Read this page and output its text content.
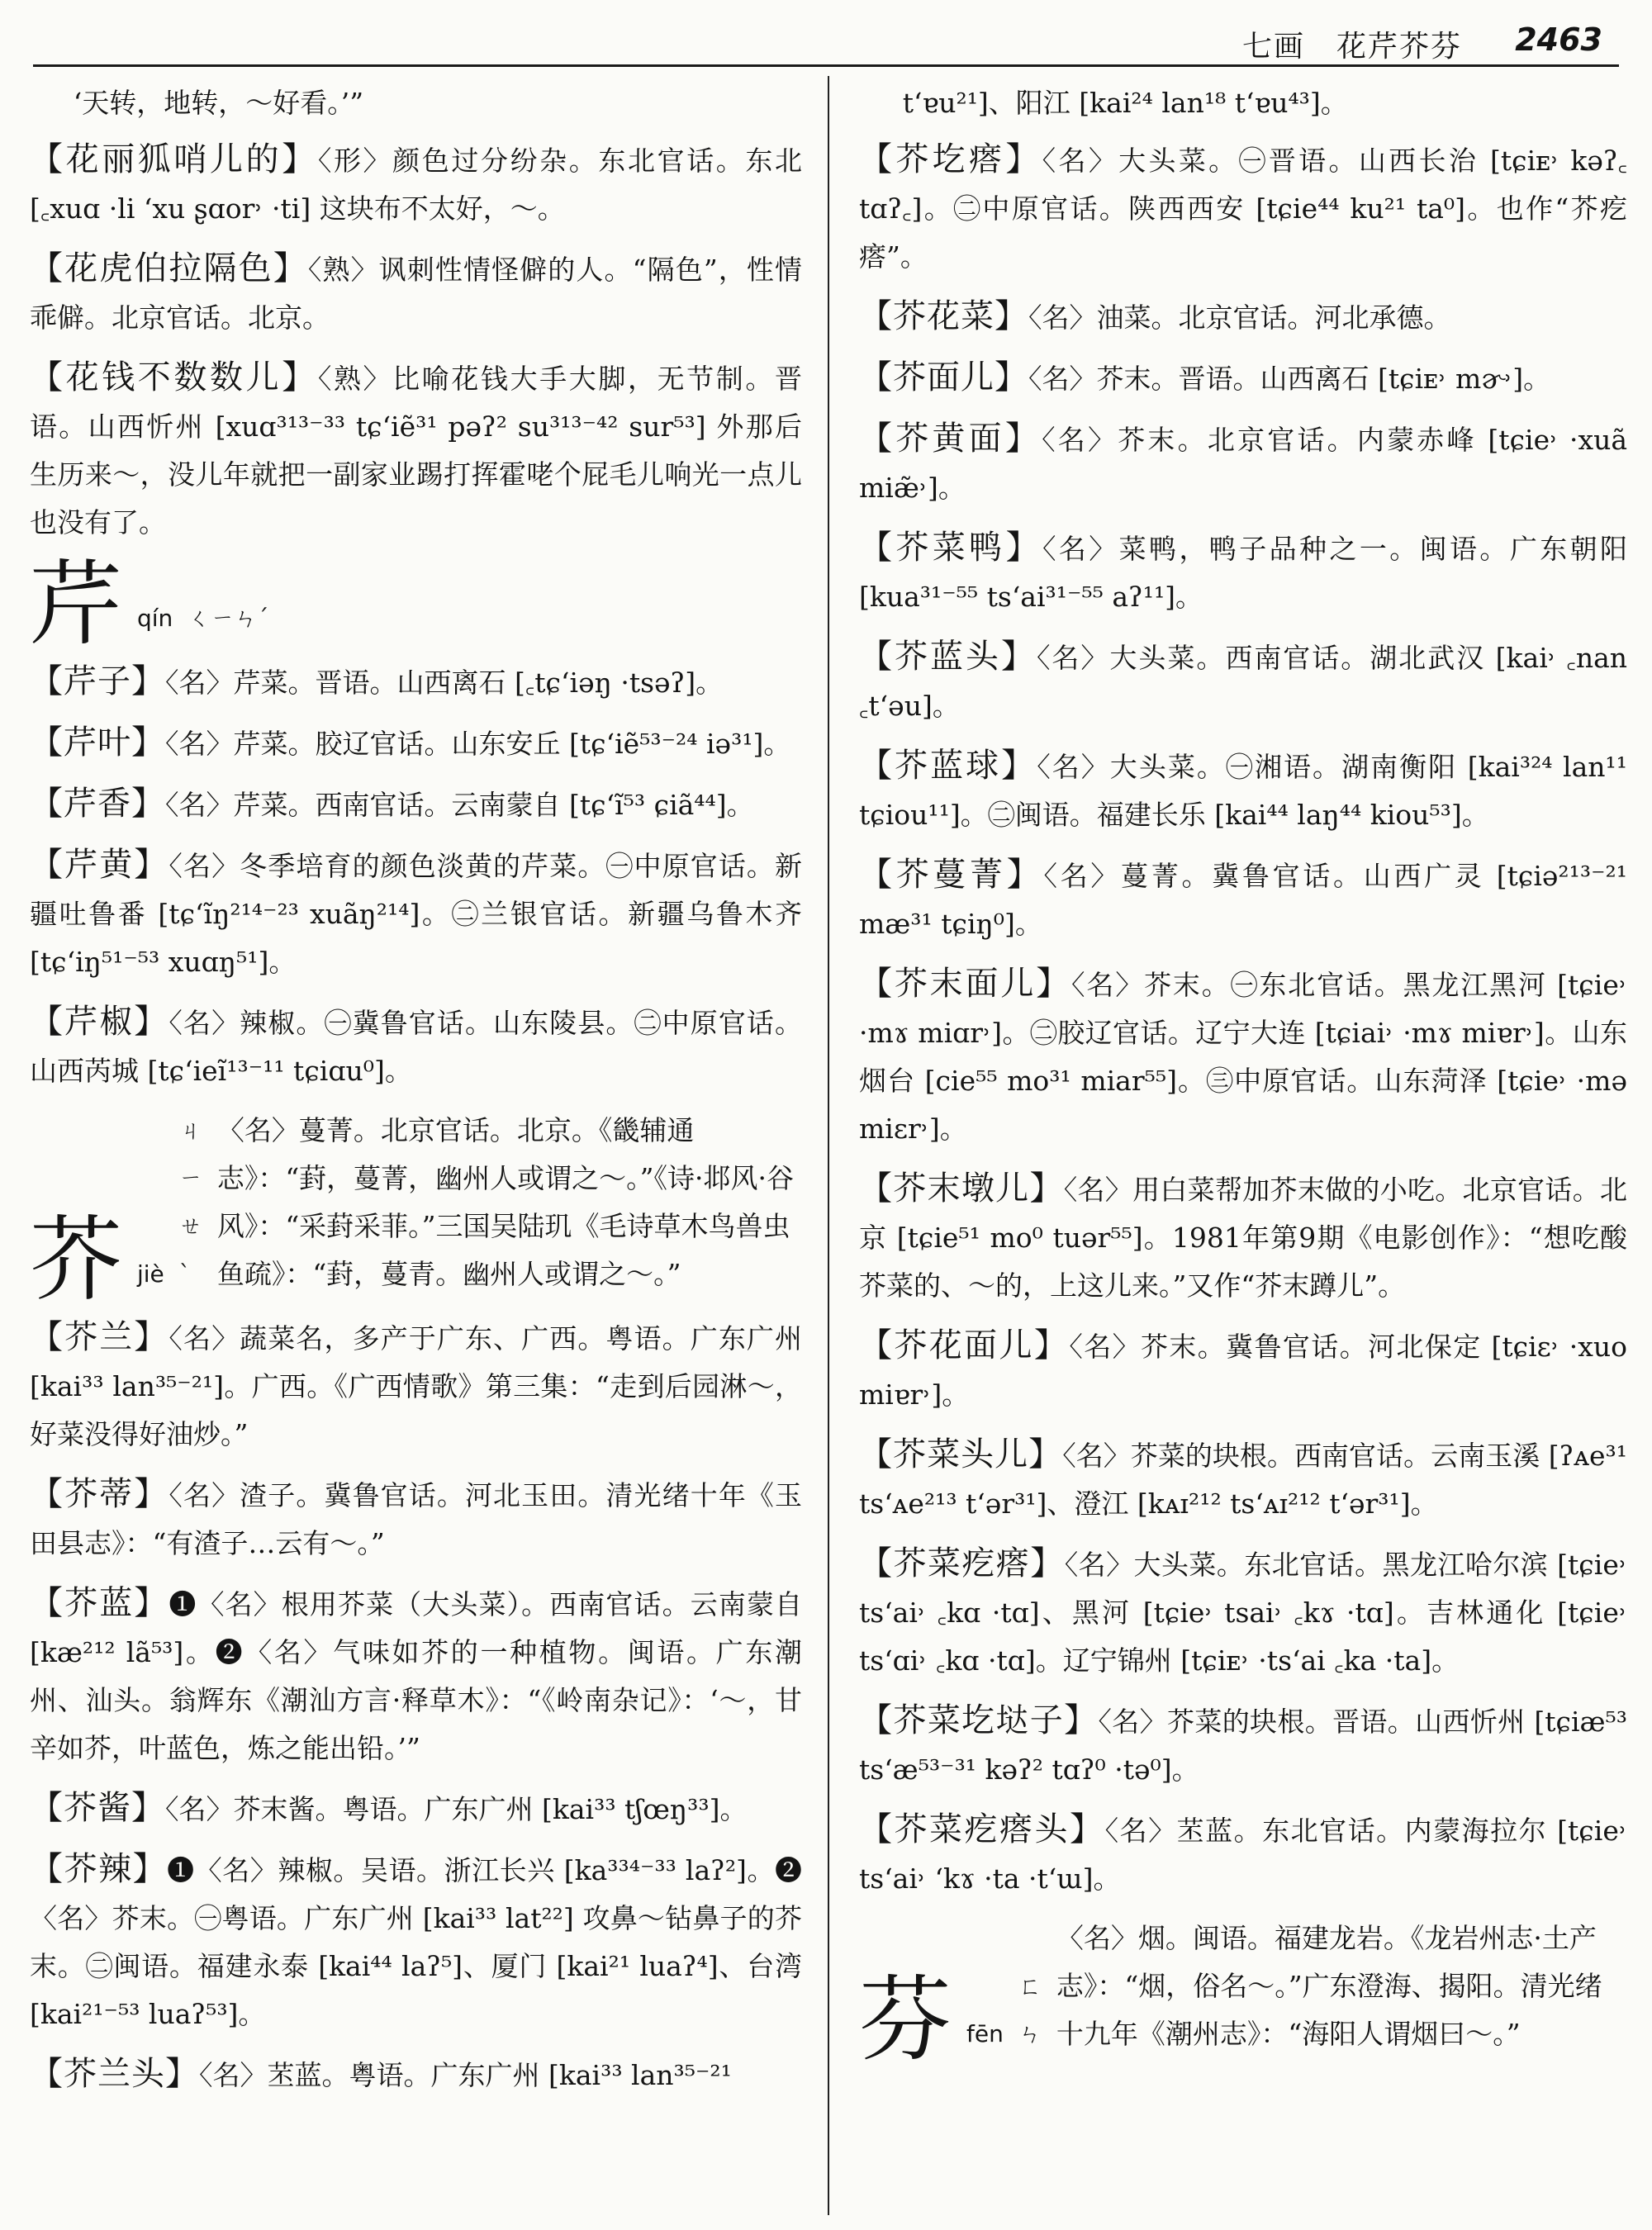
七画  花芹芥芬 2463
‘天转，地转，～好看。’”
【花丽狐哨儿的】〈形〉颜色过分纷杂。东北官话。东北 [꜀xuɑ ·li ʻxu ʂɑor˒ ·ti] 这块布不太好，～。
【花虎伯拉隔色】〈熟〉讽刺性情怪僻的人。“隔色”，性情乖僻。北京官话。北京。
【花钱不数数儿】〈熟〉比喻花钱大手大脚，无节制。晋语。山西忻州 [xuɑ³¹³⁻³³ tɕʻiẽ³¹ pəʔ² su³¹³⁻⁴² sur⁵³] 外那后生历来～，没儿年就把一副家业踢打挥霍咾个屁毛儿响光一点儿也没有了。
芹 qín ㄑㄧㄣˊ
【芹子】〈名〉芹菜。晋语。山西离石 [꜀tɕʻiəŋ ·tsəʔ]。
【芹叶】〈名〉芹菜。胶辽官话。山东安丘 [tɕʻiẽ⁵³⁻²⁴ iə³¹]。
【芹香】〈名〉芹菜。西南官话。云南蒙自 [tɕʻĩ⁵³ ɕiã⁴⁴]。
【芹黄】〈名〉冬季培育的颜色淡黄的芹菜。㊀中原官话。新疆吐鲁番 [tɕʻĩŋ²¹⁴⁻²³ xuãŋ²¹⁴]。㊁兰银官话。新疆乌鲁木齐 [tɕʻiŋ⁵¹⁻⁵³ xuɑŋ⁵¹]。
【芹椒】〈名〉辣椒。㊀冀鲁官话。山东陵县。㊁中原官话。山西芮城 [tɕʻieĩ¹³⁻¹¹ tɕiɑu⁰]。
芥 jiè
ㄐㄧㄝˋ
〈名〉蔓菁。北京官话。北京。《畿辅通志》：“葑，蔓菁，幽州人或谓之～。”《诗·邶风·谷风》：“采葑采菲。”三国吴陆玑《毛诗草木鸟兽虫鱼疏》：“葑，蔓青。幽州人或谓之～。”
【芥兰】〈名〉蔬菜名，多产于广东、广西。粤语。广东广州 [kai³³ lan³⁵⁻²¹]。广西。《广西情歌》第三集：“走到后园淋～，好菜没得好油炒。”
【芥蒂】〈名〉渣子。冀鲁官话。河北玉田。清光绪十年《玉田县志》：“有渣子…云有～。”
【芥蓝】❶〈名〉根用芥菜（大头菜）。西南官话。云南蒙自 [kæ²¹² lã⁵³]。❷〈名〉气味如芥的一种植物。闽语。广东潮州、汕头。翁辉东《潮汕方言·释草木》：“《岭南杂记》：‘～，甘辛如芥，叶蓝色，炼之能出铅。’”
【芥酱】〈名〉芥末酱。粤语。广东广州 [kai³³ tʃœŋ³³]。
【芥辣】❶〈名〉辣椒。吴语。浙江长兴 [ka³³⁴⁻³³ laʔ²]。❷〈名〉芥末。㊀粤语。广东广州 [kai³³ lat²²] 攻鼻～钻鼻子的芥末。㊁闽语。福建永泰 [kai⁴⁴ laʔ⁵]、厦门 [kai²¹ luaʔ⁴]、台湾 [kai²¹⁻⁵³ luaʔ⁵³]。
【芥兰头】〈名〉苤蓝。粤语。广东广州 [kai³³ lan³⁵⁻²¹
tʻɐu²¹]、阳江 [kai²⁴ lan¹⁸ tʻɐu⁴³]。
【芥圪瘩】〈名〉大头菜。㊀晋语。山西长治 [tɕiᴇ˒ kəʔ꜀ tɑʔ꜀]。㊁中原官话。陕西西安 [tɕie⁴⁴ ku²¹ ta⁰]。也作“芥疙瘩”。
【芥花菜】〈名〉油菜。北京官话。河北承德。
【芥面儿】〈名〉芥末。晋语。山西离石 [tɕiᴇ˒ mɚ˒]。
【芥黄面】〈名〉芥末。北京官话。内蒙赤峰 [tɕie˒ ·xuã miæ̃˒]。
【芥菜鸭】〈名〉菜鸭，鸭子品种之一。闽语。广东朝阳 [kua³¹⁻⁵⁵ tsʻai³¹⁻⁵⁵ aʔ¹¹]。
【芥蓝头】〈名〉大头菜。西南官话。湖北武汉 [kai˒ ꜀nan ꜀tʻəu]。
【芥蓝球】〈名〉大头菜。㊀湘语。湖南衡阳 [kai³²⁴ lan¹¹ tɕiou¹¹]。㊁闽语。福建长乐 [kai⁴⁴ laŋ⁴⁴ kiou⁵³]。
【芥蔓菁】〈名〉蔓菁。冀鲁官话。山西广灵 [tɕiə²¹³⁻²¹ mæ³¹ tɕiŋ⁰]。
【芥末面儿】〈名〉芥末。㊀东北官话。黑龙江黑河 [tɕie˒ ·mɤ miɑr˒]。㊁胶辽官话。辽宁大连 [tɕiai˒ ·mɤ miɐr˒]。山东烟台 [cie⁵⁵ mo³¹ miar⁵⁵]。㊂中原官话。山东菏泽 [tɕie˒ ·mə miɛr˒]。
【芥末墩儿】〈名〉用白菜帮加芥末做的小吃。北京官话。北京 [tɕie⁵¹ mo⁰ tuər⁵⁵]。1981年第9期《电影创作》：“想吃酸芥菜的、～的，上这儿来。”又作“芥末蹲儿”。
【芥花面儿】〈名〉芥末。冀鲁官话。河北保定 [tɕiɛ˒ ·xuo miɐr˒]。
【芥菜头儿】〈名〉芥菜的块根。西南官话。云南玉溪 [ʔᴀe³¹ tsʻᴀe²¹³ tʻər³¹]、澄江 [kᴀɪ²¹² tsʻᴀɪ²¹² tʻər³¹]。
【芥菜疙瘩】〈名〉大头菜。东北官话。黑龙江哈尔滨 [tɕie˒ tsʻai˒ ꜀kɑ ·tɑ]、黑河 [tɕie˒ tsai˒ ꜀kɤ ·tɑ]。吉林通化 [tɕie˒ tsʻɑi˒ ꜀kɑ ·tɑ]。辽宁锦州 [tɕiᴇ˒ ·tsʻai ꜀ka ·ta]。
【芥菜圪垯子】〈名〉芥菜的块根。晋语。山西忻州 [tɕiæ⁵³ tsʻæ⁵³⁻³¹ kəʔ² tɑʔ⁰ ·tə⁰]。
【芥菜疙瘩头】〈名〉苤蓝。东北官话。内蒙海拉尔 [tɕie˒ tsʻai˒ ʻkɤ ·ta ·tʻɯ]。
芬 fēn
ㄈㄣ
〈名〉烟。闽语。福建龙岩。《龙岩州志·土产志》：“烟，俗名～。”广东澄海、揭阳。清光绪十九年《潮州志》：“海阳人谓烟曰～。”
